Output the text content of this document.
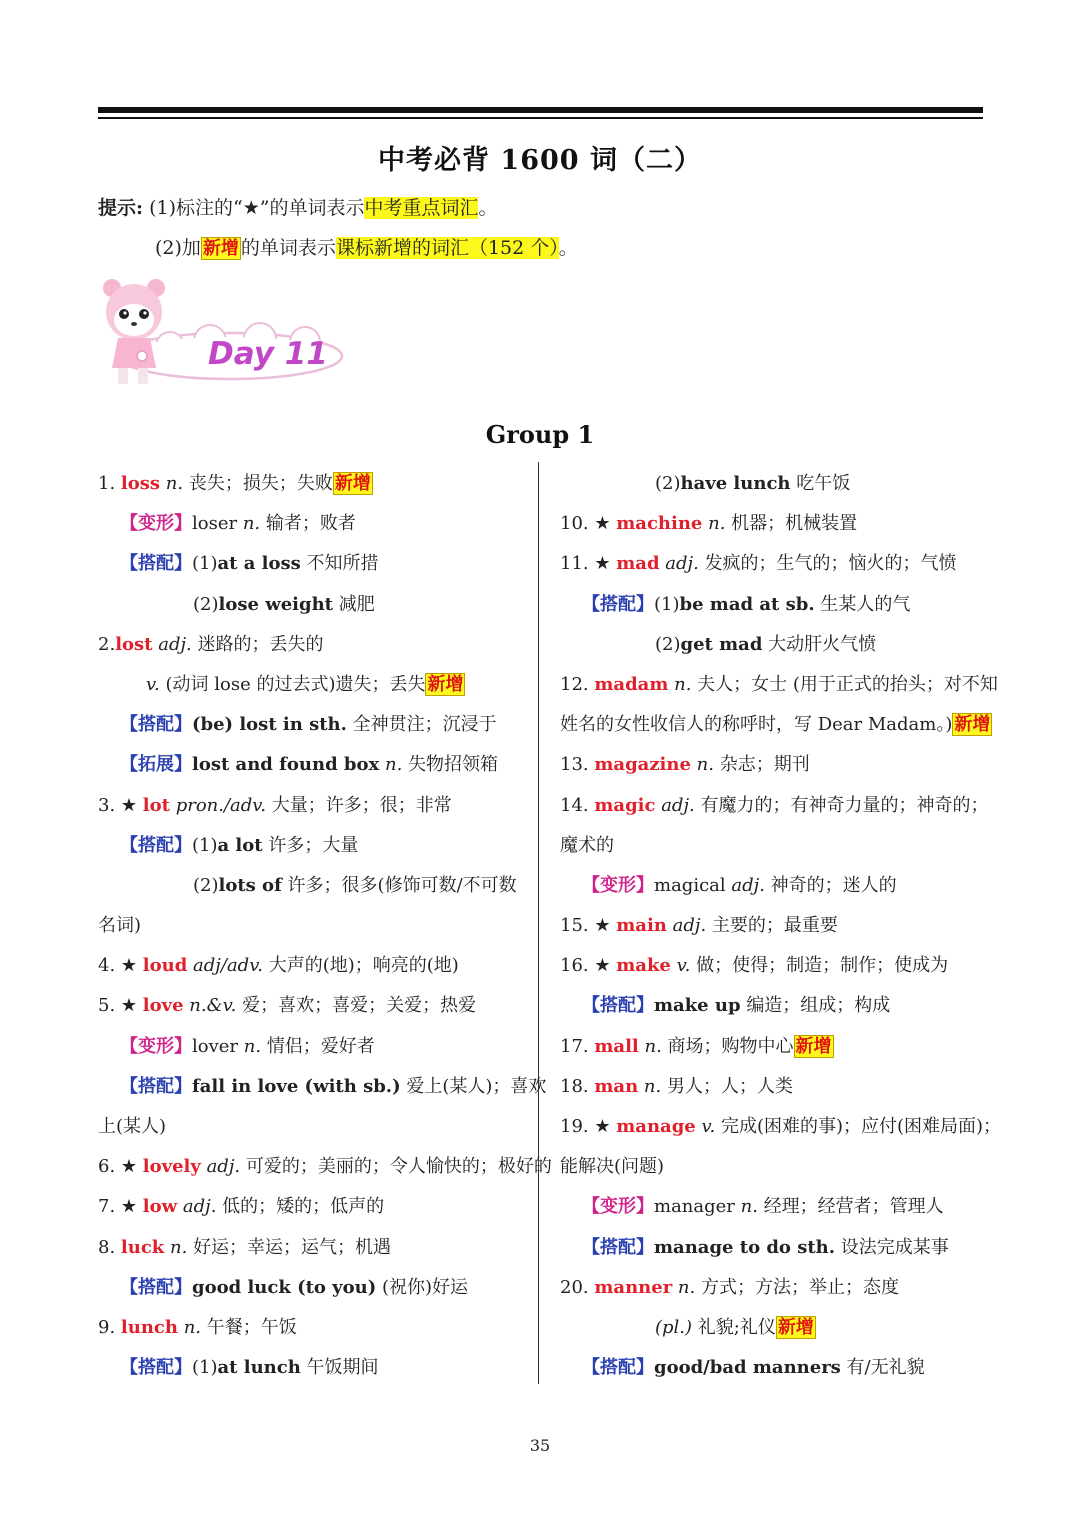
中考必背 1600 词（二）
提示: (1)标注的“★”的单词表示中考重点词汇。
(2)加 新增 的单词表示课标新增的词汇（152 个）。
Day 11
Group 1
1. loss n. 丧失；损失；失败 新增
【变形】loser n. 输者；败者
【搭配】(1)at a loss 不知所措
(2)lose weight 减肥
2.lost adj. 迷路的；丢失的
v. (动词 lose 的过去式)遗失；丢失 新增
【搭配】(be) lost in sth. 全神贯注；沉浸于
【拓展】lost and found box n. 失物招领箱
3. ★ lot pron./adv. 大量；许多；很；非常
【搭配】(1)a lot 许多；大量
(2)lots of 许多；很多(修饰可数/不可数
名词)
4. ★ loud adj/adv. 大声的(地)；响亮的(地)
5. ★ love n.&v. 爱；喜欢；喜爱；关爱；热爱
【变形】lover n. 情侣；爱好者
【搭配】fall in love (with sb.) 爱上(某人)；喜欢
上(某人)
6. ★ lovely adj. 可爱的；美丽的；令人愉快的；极好的
7. ★ low adj. 低的；矮的；低声的
8. luck n. 好运；幸运；运气；机遇
【搭配】good luck (to you) (祝你)好运
9. lunch n. 午餐；午饭
【搭配】(1)at lunch 午饭期间
(2)have lunch 吃午饭
10. ★ machine n. 机器；机械装置
11. ★ mad adj. 发疯的；生气的；恼火的；气愤
【搭配】(1)be mad at sb. 生某人的气
(2)get mad 大动肝火气愤
12. madam n. 夫人；女士 (用于正式的抬头；对不知
姓名的女性收信人的称呼时，写 Dear Madam。) 新增
13. magazine n. 杂志；期刊
14. magic adj. 有魔力的；有神奇力量的；神奇的；
魔术的
【变形】magical adj. 神奇的；迷人的
15. ★ main adj. 主要的；最重要
16. ★ make v. 做；使得；制造；制作；使成为
【搭配】make up 编造；组成；构成
17. mall n. 商场；购物中心 新增
18. man n. 男人；人；人类
19. ★ manage v. 完成(困难的事)；应付(困难局面)；
能解决(问题)
【变形】manager n. 经理；经营者；管理人
【搭配】manage to do sth. 设法完成某事
20. manner n. 方式；方法；举止；态度
(pl.) 礼貌;礼仪 新增
【搭配】good/bad manners 有/无礼貌
35
